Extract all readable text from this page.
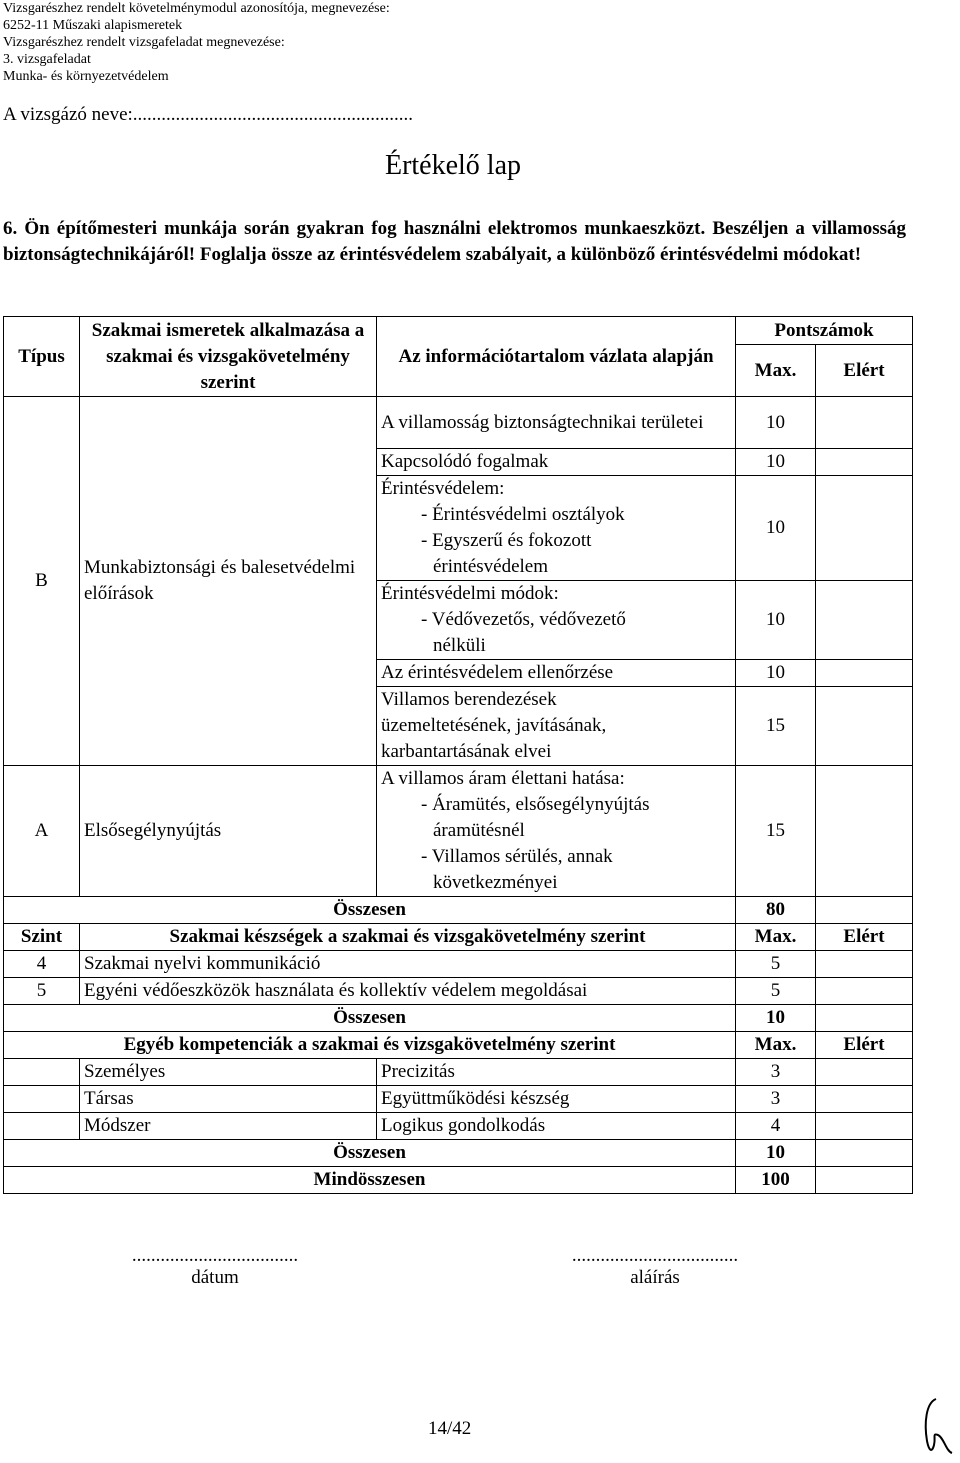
Vizsgarészhez rendelt követelménymodul azonosítója, megnevezése:
6252-11 Műszaki alapismeretek
Vizsgarészhez rendelt vizsgafeladat megnevezése:
3. vizsgafeladat
Munka- és környezetvédelem
A vizsgázó neve:...........................................................
Értékelő lap
6. Ön építőmesteri munkája során gyakran fog használni elektromos munkaeszközt. Beszéljen a villamosság biztonságtechnikájáról! Foglalja össze az érintésvédelem szabályait, a különböző érintésvédelmi módokat!
Típus	Szakmai ismeretek alkalmazása a szakmai és vizsgakövetelmény szerint	Az információtartalom vázlata alapján	Pontszámok	
			Max.	Elért
B	Munkabiztonsági és balesetvédelmi előírások	A villamosság biztonságtechnikai területei	10	
		Kapcsolódó fogalmak	10	
		Érintésvédelem:
- Érintésvédelmi osztályok
- Egyszerű és fokozott
érintésvédelem	10	
		Érintésvédelmi módok:
- Védővezetős, védővezető
nélküli	10	
		Az érintésvédelem ellenőrzése	10	

		Villamos berendezések
üzemeltetésének, javításának,
karbantartásának elvei	15	
A	Elsősegélynyújtás	A villamos áram élettani hatása:
- Áramütés, elsősegélynyújtás
áramütésnél
- Villamos sérülés, annak
következményei	15	
Összesen			80	
Szint	Szakmai készségek a szakmai és vizsgakövetelmény szerint		Max.	Elért
4	Szakmai nyelvi kommunikáció		5	
5	Egyéni védőeszközök használata és kollektív védelem megoldásai		5	
Összesen			10	
Egyéb kompetenciák a szakmai és vizsgakövetelmény szerint			Max.	Elért
	Személyes	Precizitás	3	
	Társas	Együttműködési készség	3	
	Módszer	Logikus gondolkodás	4	
Összesen			10	
Mindösszesen			100	
...................................
dátum
...................................
aláírás
14/42
